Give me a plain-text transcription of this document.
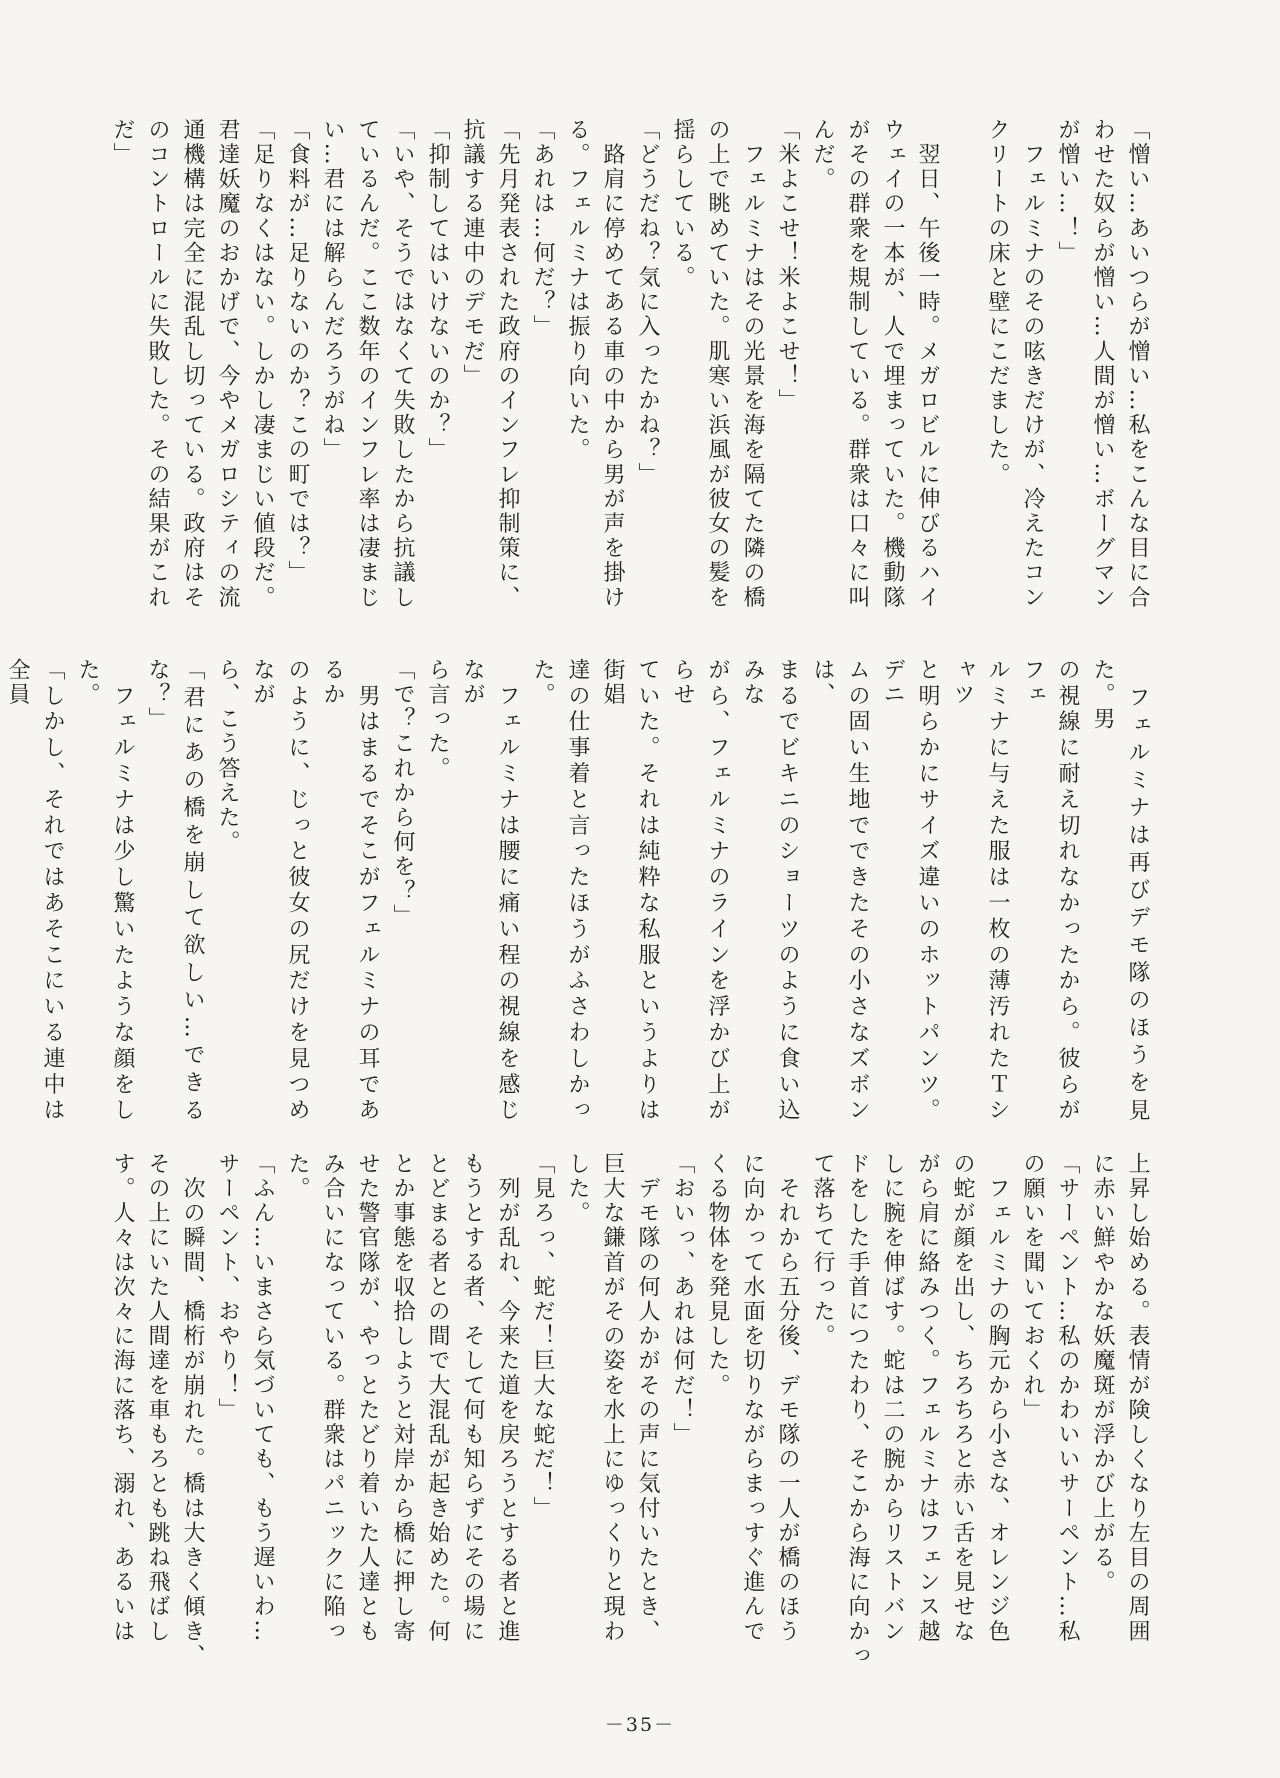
「憎い…あいつらが憎い…私をこんな目に合

わせた奴らが憎い…人間が憎い…ボーグマン

が憎い…！」

　フェルミナのその呟きだけが、冷えたコン

クリートの床と壁にこだました。

　翌日、午後一時。メガロビルに伸びるハイ

ウェイの一本が、人で埋まっていた。機動隊

がその群衆を規制している。群衆は口々に叫

んだ。

「米よこせ！米よこせ！」

　フェルミナはその光景を海を隔てた隣の橋

の上で眺めていた。肌寒い浜風が彼女の髪を

揺らしている。

「どうだね？気に入ったかね？」

　路肩に停めてある車の中から男が声を掛け

る。フェルミナは振り向いた。

「あれは…何だ？」

「先月発表された政府のインフレ抑制策に、

抗議する連中のデモだ」

「抑制してはいけないのか？」

「いや、そうではなくて失敗したから抗議し

ているんだ。ここ数年のインフレ率は凄まじ

い…君には解らんだろうがね」

「食料が…足りないのか？この町では？」

「足りなくはない。しかし凄まじい値段だ。

君達妖魔のおかげで、今やメガロシティの流

通機構は完全に混乱し切っている。政府はそ

のコントロールに失敗した。その結果がこれ

だ」

　フェルミナは再びデモ隊のほうを見た。男

の視線に耐え切れなかったから。彼らがフェ

ルミナに与えた服は一枚の薄汚れたＴシャツ

と明らかにサイズ違いのホットパンツ。デニ

ムの固い生地でできたその小さなズボンは、

まるでビキニのショーツのように食い込みな

がら、フェルミナのラインを浮かび上がらせ

ていた。それは純粋な私服というよりは街娼

達の仕事着と言ったほうがふさわしかった。

　フェルミナは腰に痛い程の視線を感じなが

ら言った。

「で？これから何を？」

　男はまるでそこがフェルミナの耳であるか

のように、じっと彼女の尻だけを見つめなが

ら、こう答えた。

「君にあの橋を崩して欲しい…できるな？」

　フェルミナは少し驚いたような顔をした。

「しかし、それではあそこにいる連中は全員

上昇し始める。表情が険しくなり左目の周囲

に赤い鮮やかな妖魔斑が浮かび上がる。

「サーペント…私のかわいいサーペント…私

の願いを聞いておくれ」

　フェルミナの胸元から小さな、オレンジ色

の蛇が顔を出し、ちろちろと赤い舌を見せな

がら肩に絡みつく。フェルミナはフェンス越

しに腕を伸ばす。蛇は二の腕からリストバン

ドをした手首につたわり、そこから海に向かっ

て落ちて行った。

　それから五分後、デモ隊の一人が橋のほう

に向かって水面を切りながらまっすぐ進んで

くる物体を発見した。

「おいっ、あれは何だ！」

　デモ隊の何人かがその声に気付いたとき、

巨大な鎌首がその姿を水上にゆっくりと現わ

した。

「見ろっ、蛇だ！巨大な蛇だ！」

　列が乱れ、今来た道を戻ろうとする者と進

もうとする者、そして何も知らずにその場に

とどまる者との間で大混乱が起き始めた。何

とか事態を収拾しようと対岸から橋に押し寄

せた警官隊が、やっとたどり着いた人達とも

み合いになっている。群衆はパニックに陥っ

た。

「ふん…いまさら気づいても、もう遅いわ…

サーペント、おやり！」

　次の瞬間、橋桁が崩れた。橋は大きく傾き、

その上にいた人間達を車もろとも跳ね飛ばし

す。人々は次々に海に落ち、溺れ、あるいは

－35－
